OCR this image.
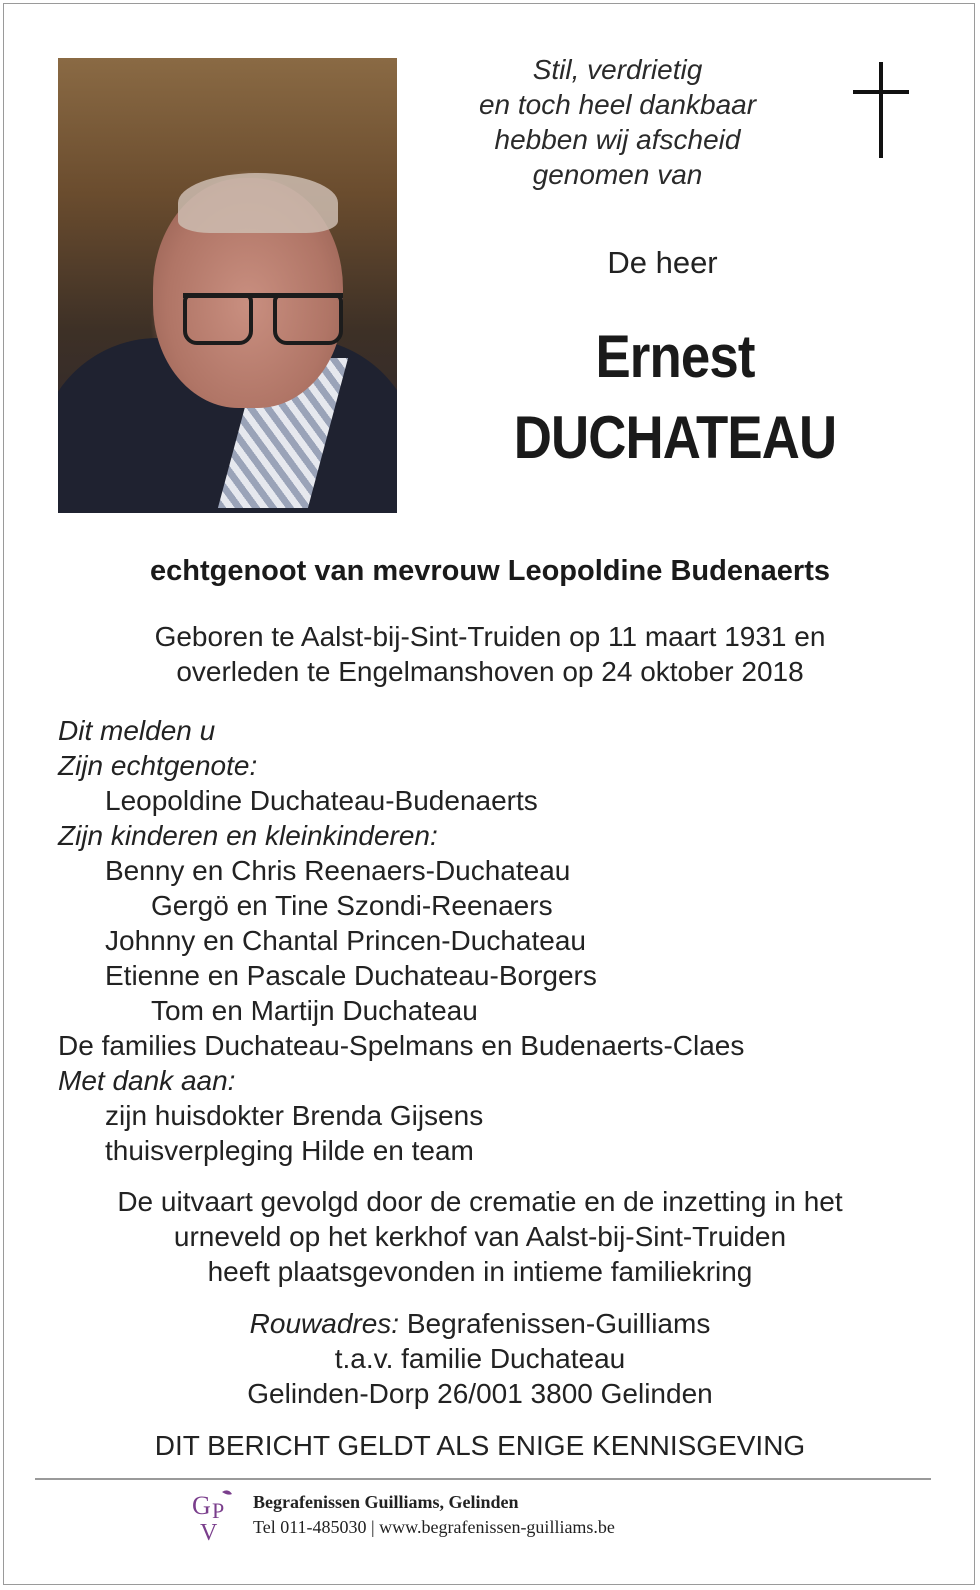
Stil, verdrietig
en toch heel dankbaar
hebben wij afscheid
genomen van
De heer
Ernest
DUCHATEAU
echtgenoot van mevrouw Leopoldine Budenaerts
Geboren te Aalst-bij-Sint-Truiden op 11 maart 1931 en
overleden te Engelmanshoven op 24 oktober 2018
Dit melden u
Zijn echtgenote:
Leopoldine Duchateau-Budenaerts
Zijn kinderen en kleinkinderen:
Benny en Chris Reenaers-Duchateau
Gergö en Tine Szondi-Reenaers
Johnny en Chantal Princen-Duchateau
Etienne en Pascale Duchateau-Borgers
Tom en Martijn Duchateau
De families Duchateau-Spelmans en Budenaerts-Claes
Met dank aan:
zijn huisdokter Brenda Gijsens
thuisverpleging Hilde en team
De uitvaart gevolgd door de crematie en de inzetting in het
urneveld op het kerkhof van Aalst-bij-Sint-Truiden
heeft plaatsgevonden in intieme familiekring
Rouwadres: Begrafenissen-Guilliams
t.a.v. familie Duchateau
Gelinden-Dorp 26/001 3800 Gelinden
DIT BERICHT GELDT ALS ENIGE KENNISGEVING
G P
V
Begrafenissen Guilliams, Gelinden
Tel 011-485030 | www.begrafenissen-guilliams.be
